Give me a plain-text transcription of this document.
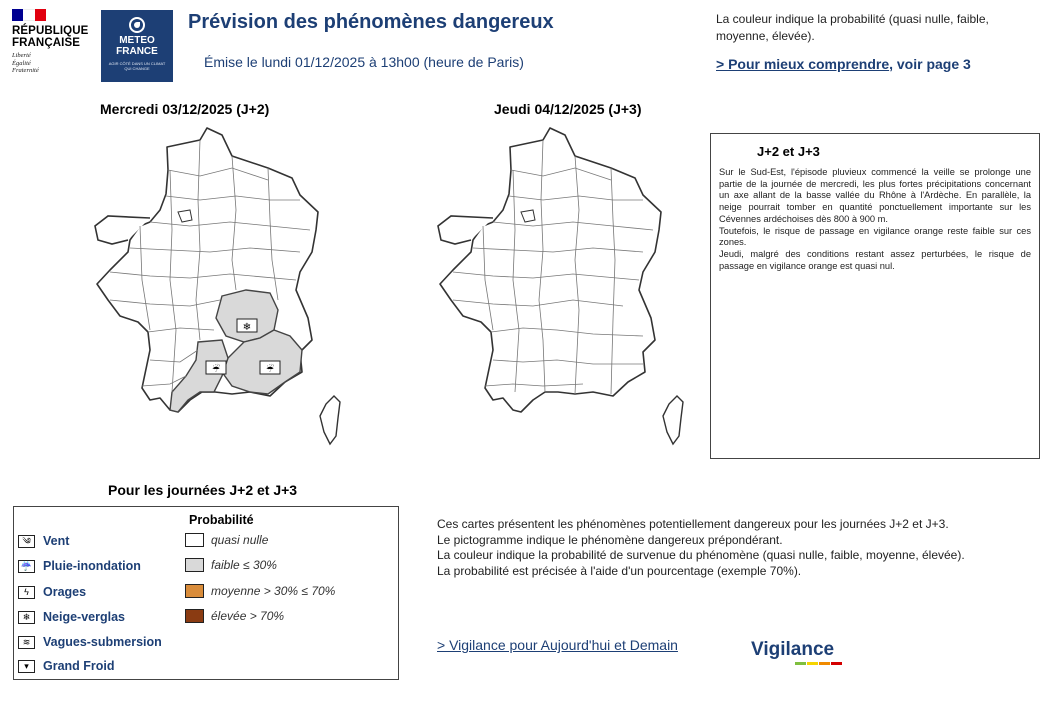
RÉPUBLIQUE
FRANÇAISE
Liberté
Égalité
Fraternité
METEO
FRANCE
AGIR CÔTÉ DANS UN CLIMAT QUI CHANGE
Prévision des phénomènes dangereux
Émise le lundi 01/12/2025 à 13h00 (heure de Paris)
La couleur indique la probabilité (quasi nulle, faible, moyenne, élevée).
> Pour mieux comprendre, voir page 3
Mercredi 03/12/2025 (J+2)	Jeudi 04/12/2025 (J+3)
❄
☔	☔
J+2 et J+3

Sur le Sud-Est, l'épisode pluvieux commencé la veille se prolonge une partie de la journée de mercredi, les plus fortes précipitations concernant un axe allant de la basse vallée du Rhône à l'Ardèche. En parallèle, la neige pourrait tomber en quantité ponctuellement importante sur les Cévennes ardéchoises dès 800 à 900 m.

Toutefois, le risque de passage en vigilance orange reste faible sur ces zones.

Jeudi, malgré des conditions restant assez perturbées, le risque de passage en vigilance orange est quasi nul.

Pour les journées J+2 et J+3
Probabilité
༄ Vent
☔ Pluie-inondation
ϟ	Orages
❄	Neige-verglas
≋	Vagues-submersion
▾	Grand Froid
quasi nulle
faible ≤ 30%
moyenne > 30% ≤ 70%
élevée > 70%
Ces cartes présentent les phénomènes potentiellement dangereux pour les journées J+2 et J+3.
Le pictogramme indique le phénomène dangereux prépondérant.
La couleur indique la probabilité de survenue du phénomène (quasi nulle, faible, moyenne, élevée).
La probabilité est précisée à l'aide d'un pourcentage (exemple 70%).
> Vigilance pour Aujourd'hui et Demain	Vigilance
